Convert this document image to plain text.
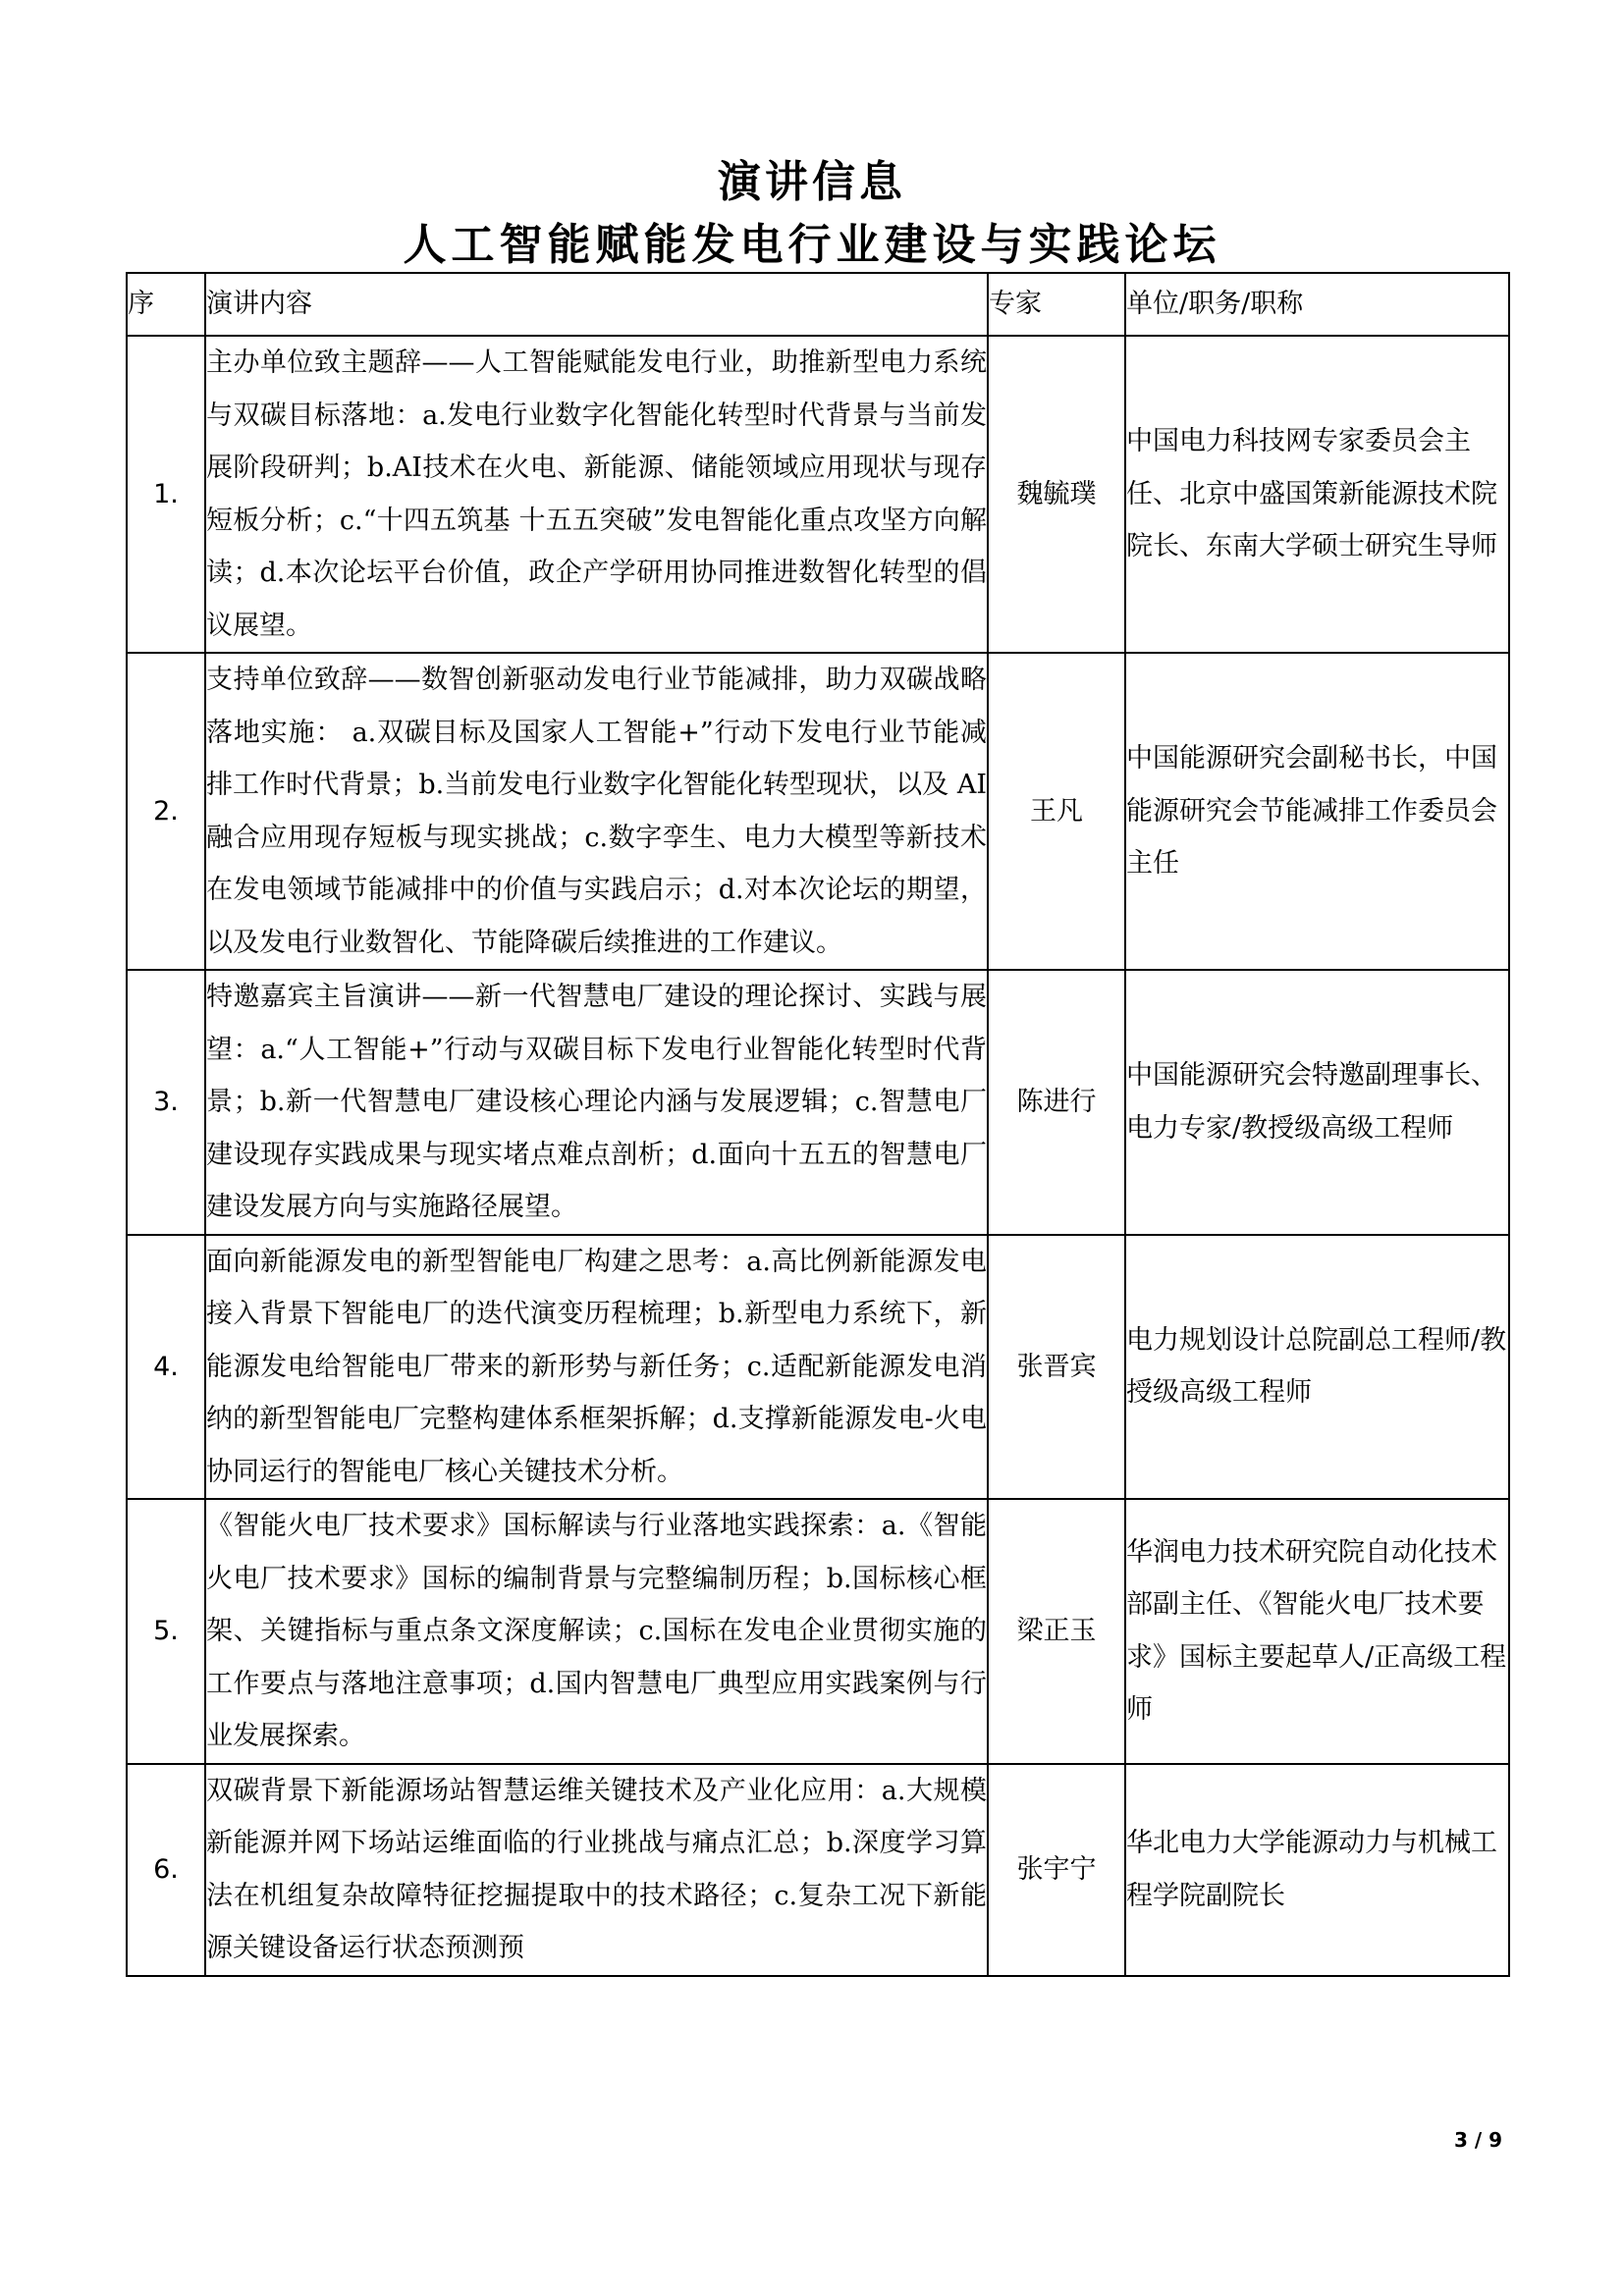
演讲信息
人工智能赋能发电行业建设与实践论坛
序	演讲内容	专家	单位/职务/职称
1.	主办单位致主题辞——人工智能赋能发电行业，助推新型电力系统与双碳目标落地：a.发电行业数字化智能化转型时代背景与当前发展阶段研判；b.AI技术在火电、新能源、储能领域应用现状与现存短板分析；c.“十四五筑基 十五五突破”发电智能化重点攻坚方向解读；d.本次论坛平台价值，政企产学研用协同推进数智化转型的倡议展望。	魏毓璞	中国电力科技网专家委员会主任、北京中盛国策新能源技术院院长、东南大学硕士研究生导师
2.	支持单位致辞——数智创新驱动发电行业节能减排，助力双碳战略落地实施： a.双碳目标及国家人工智能+”行动下发电行业节能减排工作时代背景；b.当前发电行业数字化智能化转型现状，以及 AI 融合应用现存短板与现实挑战；c.数字孪生、电力大模型等新技术在发电领域节能减排中的价值与实践启示；d.对本次论坛的期望，以及发电行业数智化、节能降碳后续推进的工作建议。	王凡	中国能源研究会副秘书长，中国能源研究会节能减排工作委员会主任
3.	特邀嘉宾主旨演讲——新一代智慧电厂建设的理论探讨、实践与展望：a.“人工智能+”行动与双碳目标下发电行业智能化转型时代背景；b.新一代智慧电厂建设核心理论内涵与发展逻辑；c.智慧电厂建设现存实践成果与现实堵点难点剖析；d.面向十五五的智慧电厂建设发展方向与实施路径展望。	陈进行	中国能源研究会特邀副理事长、电力专家/教授级高级工程师
4.	面向新能源发电的新型智能电厂构建之思考：a.高比例新能源发电接入背景下智能电厂的迭代演变历程梳理；b.新型电力系统下，新能源发电给智能电厂带来的新形势与新任务；c.适配新能源发电消纳的新型智能电厂完整构建体系框架拆解；d.支撑新能源发电-火电协同运行的智能电厂核心关键技术分析。	张晋宾	电力规划设计总院副总工程师/教授级高级工程师
5.	《智能火电厂技术要求》国标解读与行业落地实践探索：a.《智能火电厂技术要求》国标的编制背景与完整编制历程；b.国标核心框架、关键指标与重点条文深度解读；c.国标在发电企业贯彻实施的工作要点与落地注意事项；d.国内智慧电厂典型应用实践案例与行业发展探索。	梁正玉	华润电力技术研究院自动化技术部副主任、《智能火电厂技术要求》国标主要起草人/正高级工程师
6.	双碳背景下新能源场站智慧运维关键技术及产业化应用：a.大规模新能源并网下场站运维面临的行业挑战与痛点汇总；b.深度学习算法在机组复杂故障特征挖掘提取中的技术路径；c.复杂工况下新能源关键设备运行状态预测预	张宇宁	华北电力大学能源动力与机械工程学院副院长
3 / 9
